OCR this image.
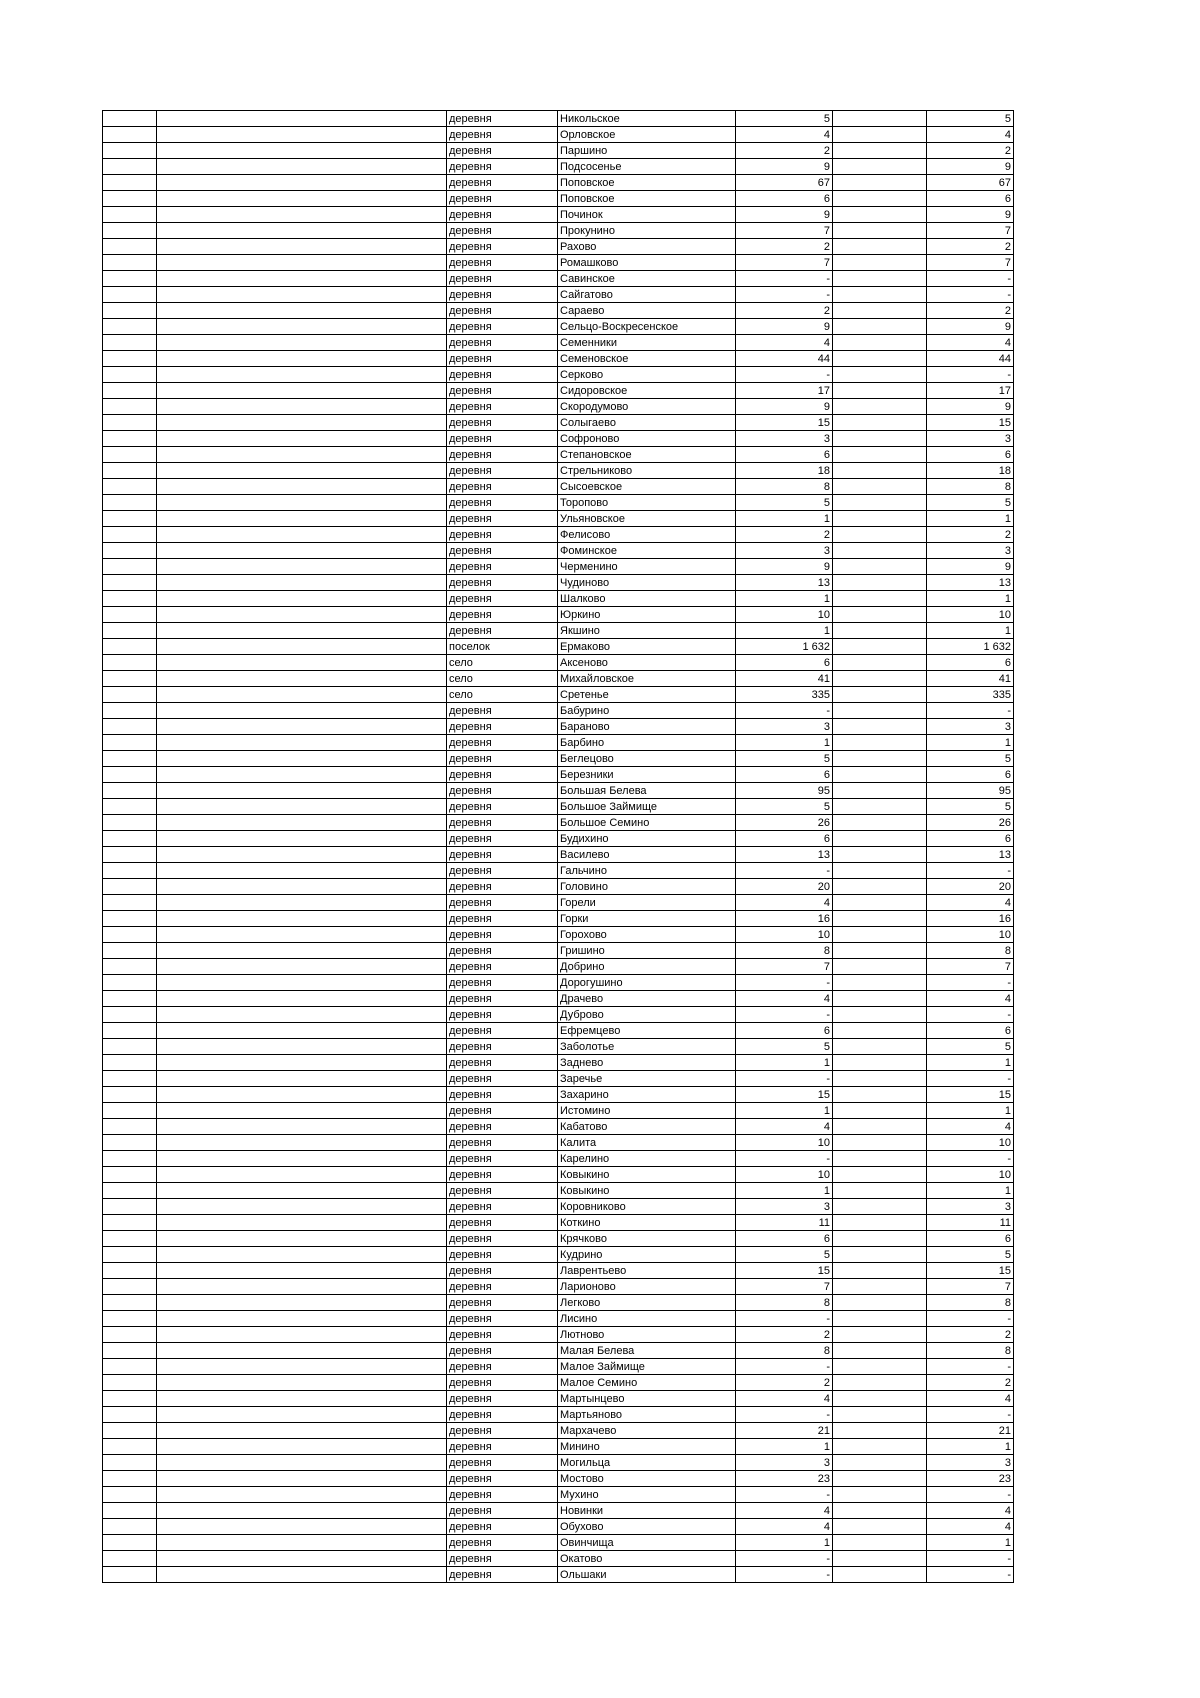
		деревня	Никольское	5		5
		деревня	Орловское	4		4
		деревня	Паршино	2		2
		деревня	Подсосенье	9		9
		деревня	Поповское	67		67
		деревня	Поповское	6		6
		деревня	Починок	9		9
		деревня	Прокунино	7		7
		деревня	Рахово	2		2
		деревня	Ромашково	7		7
		деревня	Савинское	-		-
		деревня	Сайгатово	-		-
		деревня	Сараево	2		2
		деревня	Сельцо-Воскресенское	9		9
		деревня	Семенники	4		4
		деревня	Семеновское	44		44
		деревня	Серково	-		-
		деревня	Сидоровское	17		17
		деревня	Скородумово	9		9
		деревня	Солыгаево	15		15
		деревня	Софроново	3		3
		деревня	Степановское	6		6
		деревня	Стрельниково	18		18
		деревня	Сысоевское	8		8
		деревня	Торопово	5		5
		деревня	Ульяновское	1		1
		деревня	Фелисово	2		2
		деревня	Фоминское	3		3
		деревня	Черменино	9		9
		деревня	Чудиново	13		13
		деревня	Шалково	1		1
		деревня	Юркино	10		10
		деревня	Якшино	1		1
		поселок	Ермаково	1 632		1 632
		село	Аксеново	6		6
		село	Михайловское	41		41
		село	Сретенье	335		335
		деревня	Бабурино	-		-
		деревня	Бараново	3		3
		деревня	Барбино	1		1
		деревня	Беглецово	5		5
		деревня	Березники	6		6
		деревня	Большая Белева	95		95
		деревня	Большое Займище	5		5
		деревня	Большое Семино	26		26
		деревня	Будихино	6		6
		деревня	Василево	13		13
		деревня	Гальчино	-		-
		деревня	Головино	20		20
		деревня	Горели	4		4
		деревня	Горки	16		16
		деревня	Горохово	10		10
		деревня	Гришино	8		8
		деревня	Добрино	7		7
		деревня	Дорогушино	-		-
		деревня	Драчево	4		4
		деревня	Дуброво	-		-
		деревня	Ефремцево	6		6
		деревня	Заболотье	5		5
		деревня	Заднево	1		1
		деревня	Заречье	-		-
		деревня	Захарино	15		15
		деревня	Истомино	1		1
		деревня	Кабатово	4		4
		деревня	Калита	10		10
		деревня	Карелино	-		-
		деревня	Ковыкино	10		10
		деревня	Ковыкино	1		1
		деревня	Коровниково	3		3
		деревня	Коткино	11		11
		деревня	Крячково	6		6
		деревня	Кудрино	5		5
		деревня	Лаврентьево	15		15
		деревня	Ларионово	7		7
		деревня	Легково	8		8
		деревня	Лисино	-		-
		деревня	Лютново	2		2
		деревня	Малая Белева	8		8
		деревня	Малое Займище	-		-
		деревня	Малое Семино	2		2
		деревня	Мартынцево	4		4
		деревня	Мартьяново	-		-
		деревня	Мархачево	21		21
		деревня	Минино	1		1
		деревня	Могильца	3		3
		деревня	Мостово	23		23
		деревня	Мухино	-		-
		деревня	Новинки	4		4
		деревня	Обухово	4		4
		деревня	Овинчища	1		1
		деревня	Окатово	-		-
		деревня	Ольшаки	-		-
